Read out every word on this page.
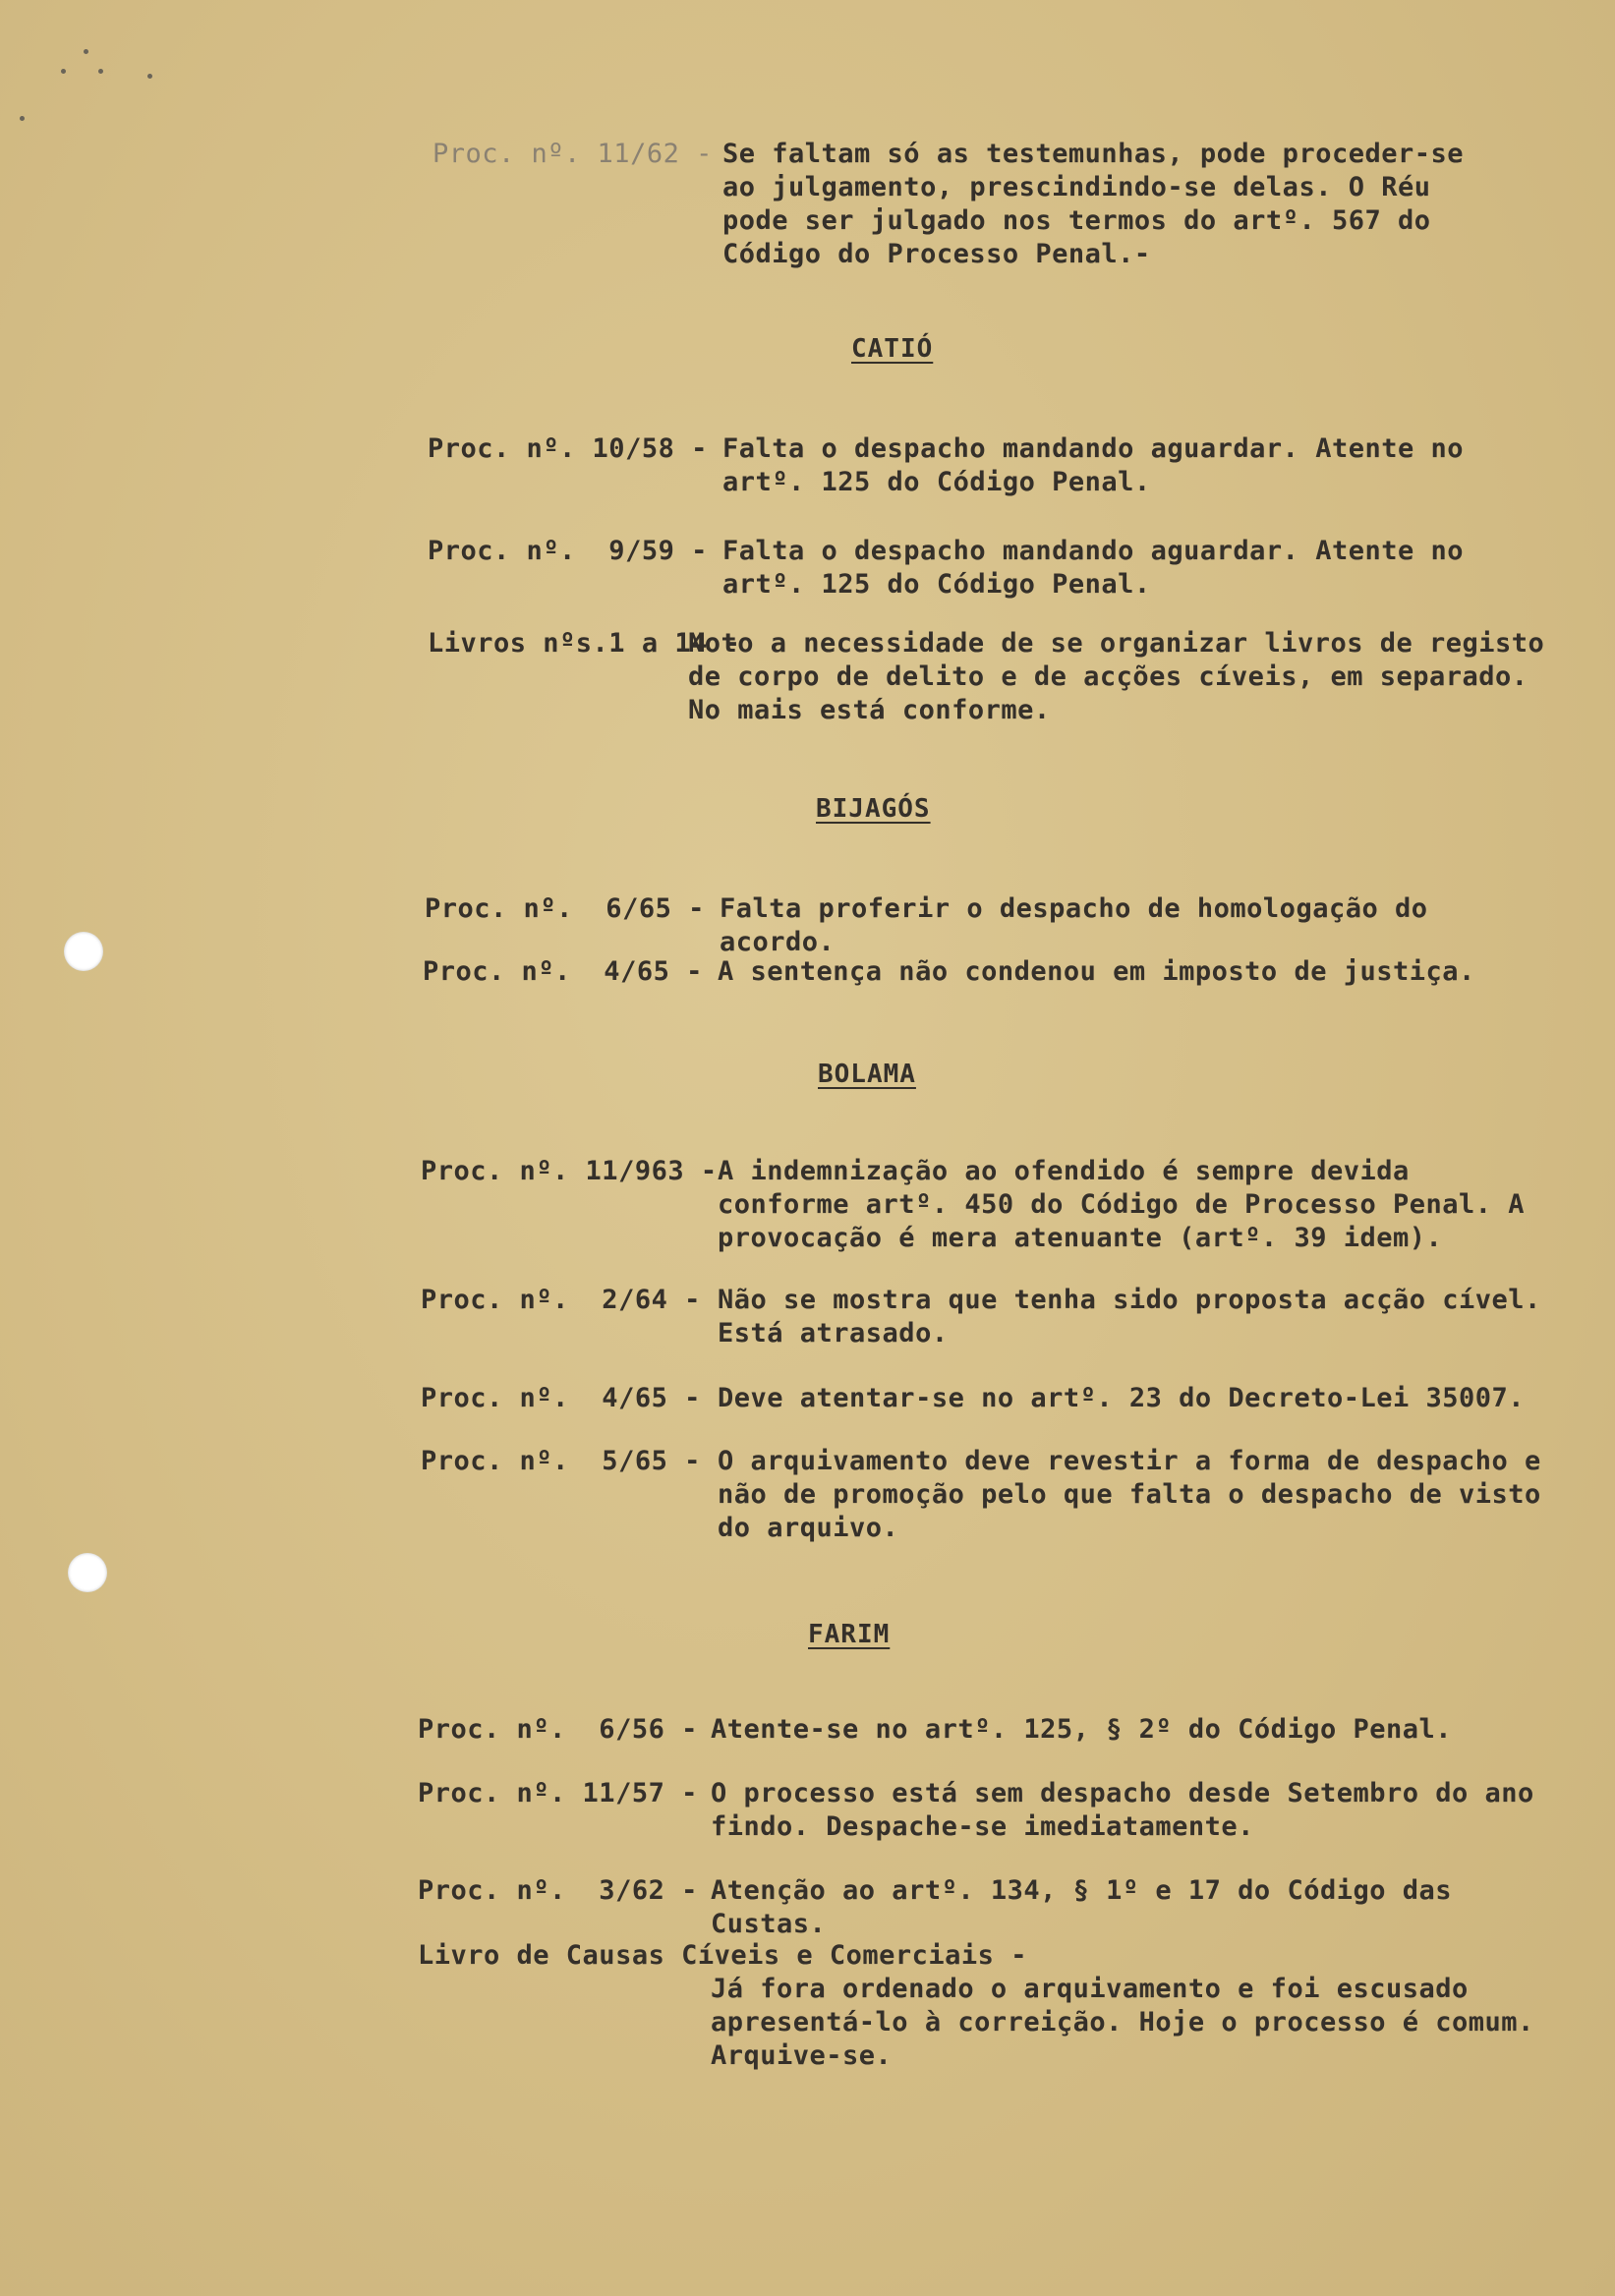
Proc. nº. 11/62 -
Se faltam só as testemunhas, pode proceder-se ao julgamento, prescindindo-se delas. O Réu pode ser julgado nos termos do artº. 567 do Código do Processo Penal.-
CATIÓ
Proc. nº. 10/58 -
Falta o despacho mandando aguardar. Atente no artº. 125 do Código Penal.
Proc. nº.  9/59 -
Falta o despacho mandando aguardar. Atente no artº. 125 do Código Penal.
Livros nºs.1 a 14 -
Noto a necessidade de se organizar livros de registo de corpo de delito e de acções cíveis, em separado. No mais está conforme.
BIJAGÓS
Proc. nº.  6/65 -
Falta proferir o despacho de homologação do acordo.
Proc. nº.  4/65 -
A sentença não condenou em imposto de justiça.
BOLAMA
Proc. nº. 11/963 - A indemnização ao ofendido é sempre devida conforme artº. 450 do Código de Processo Penal. A provocação é mera atenuante (artº. 39 idem).
Proc. nº.  2/64 - Não se mostra que tenha sido proposta acção cível. Está atrasado.
Proc. nº.  4/65 - Deve atentar-se no artº. 23 do Decreto-Lei 35007.
Proc. nº.  5/65 - O arquivamento deve revestir a forma de despacho e não de promoção pelo que falta o despacho de visto do arquivo.
FARIM
Proc. nº.  6/56 -
Atente-se no artº. 125, § 2º do Código Penal.
Proc. nº. 11/57 -
O processo está sem despacho desde Setembro do ano findo. Despache-se imediatamente.
Proc. nº.  3/62 -
Atenção ao artº. 134, § 1º e 17 do Código das Custas.
Livro de Causas Cíveis e Comerciais -
Já fora ordenado o arquivamento e foi escusado apresentá-lo à correição. Hoje o processo é comum. Arquive-se.
